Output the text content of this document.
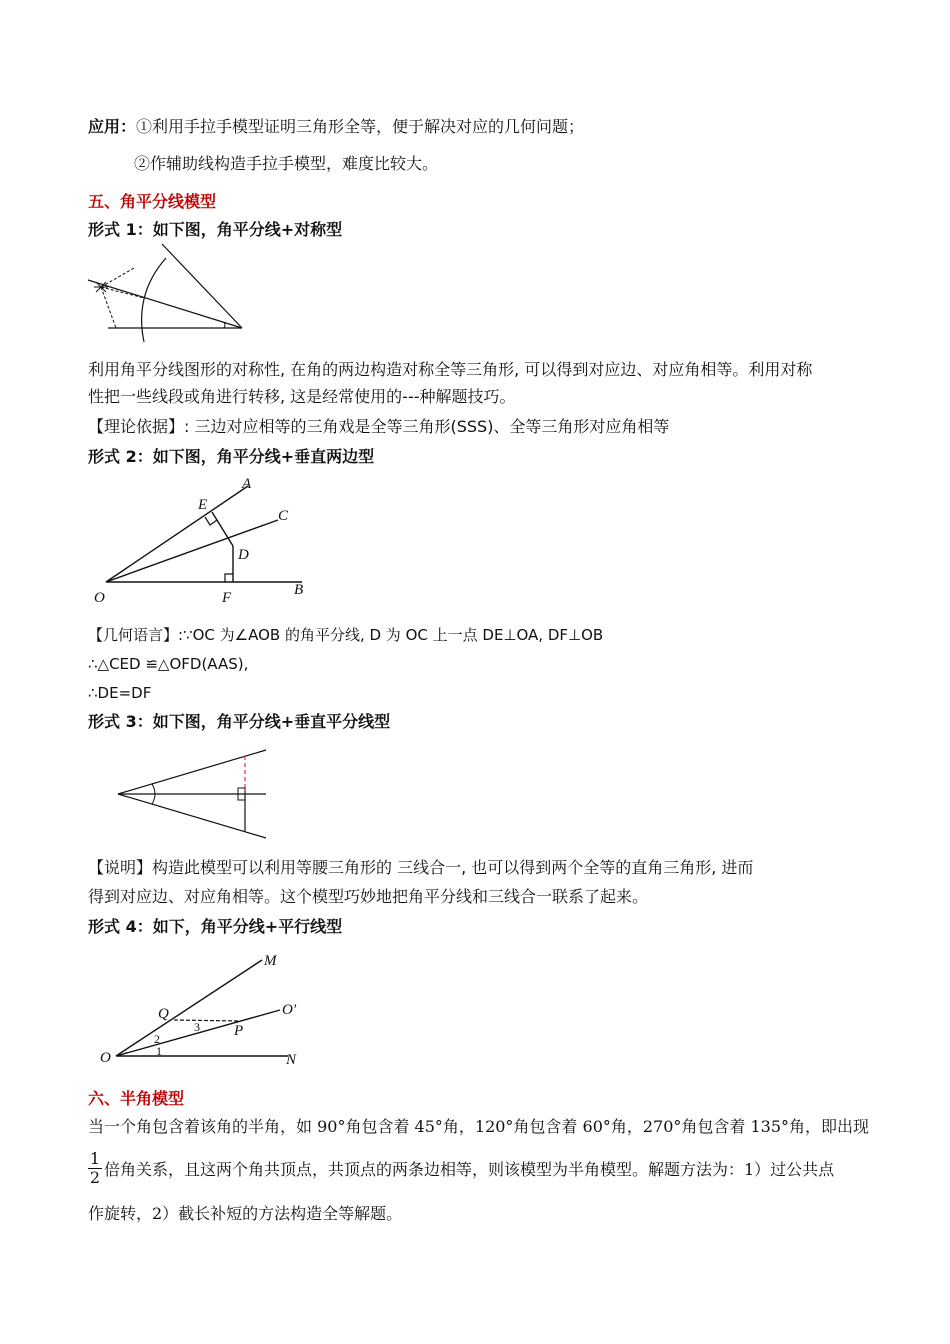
应用：①利用手拉手模型证明三角形全等，便于解决对应的几何问题；
②作辅助线构造手拉手模型，难度比较大。
五、角平分线模型
形式 1：如下图，角平分线+对称型
利用角平分线图形的对称性, 在角的两边构造对称全等三角形, 可以得到对应边、对应角相等。利用对称
性把一些线段或角进行转移, 这是经常使用的---种解题技巧。
【理论依据】: 三边对应相等的三角戏是全等三角形(SSS)、全等三角形对应角相等
形式 2：如下图，角平分线+垂直两边型
O
A
E
C
D
F	B
【几何语言】:∵OC 为∠AOB 的角平分线, D 为 OC 上一点 DE⊥OA, DF⊥OB
∴△CED ≌△OFD(AAS),
∴DE=DF
形式 3：如下图，角平分线+垂直平分线型
【说明】构造此模型可以利用等腰三角形的 三线合一, 也可以得到两个全等的直角三角形, 进而
得到对应边、对应角相等。这个模型巧妙地把角平分线和三线合一联系了起来。
形式 4：如下，角平分线+平行线型
M
Q	O'
P
O	N
1
2
3
六、半角模型
当一个角包含着该角的半角，如 90°角包含着 45°角，120°角包含着 60°角，270°角包含着 135°角，即出现
$\frac{1}{2}$ 倍角关系，且这两个角共顶点，共顶点的两条边相等，则该模型为半角模型。解题方法为：1）过公共点
作旋转，2）截长补短的方法构造全等解题。
